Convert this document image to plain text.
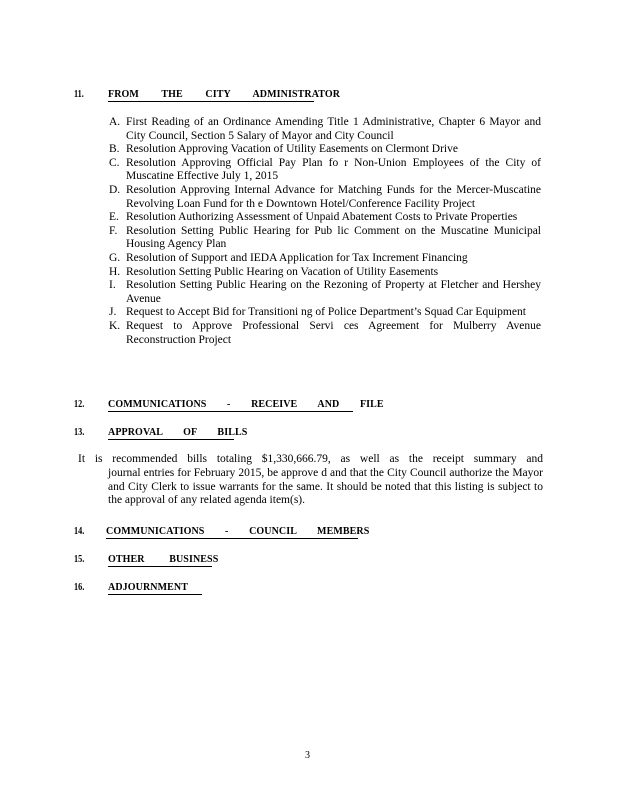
11. FROM THE CITY ADMINISTRATOR
A. First Reading of an Ordinance Amending Title 1 Administrative, Chapter 6 Mayor and City Council, Section 5 Salary of Mayor and City Council
B. Resolution Approving Vacation of Utility Easements on Clermont Drive
C. Resolution Approving Official Pay Plan fo r Non-Union Employees of the City of Muscatine Effective July 1, 2015
D. Resolution Approving Internal Advance for Matching Funds for the Mercer-Muscatine Revolving Loan Fund for th e Downtown Hotel/Conference Facility Project
E. Resolution Authorizing Assessment of Unpaid Abatement Costs to Private Properties
F. Resolution Setting Public Hearing for Pub lic Comment on the Muscatine Municipal Housing Agency Plan
G. Resolution of Support and IEDA Application for Tax Increment Financing
H. Resolution Setting Public Hearing on Vacation of Utility Easements
I. Resolution Setting Public Hearing on the Rezoning of Property at Fletcher and Hershey Avenue
J. Request to Accept Bid for Transitioni ng of Police Department’s Squad Car Equipment
K. Request to Approve Professional Servi ces Agreement for Mulberry Avenue Reconstruction Project
12. COMMUNICATIONS - RECEIVE AND FILE
13. APPROVAL OF BILLS
It is recommended bills totaling $1,330,666.79, as well as the receipt summary and
journal entries for February 2015, be approve d and that the City Council authorize the Mayor and City Clerk to issue warrants for the same. It should be noted that this listing is subject to the approval of any related agenda item(s).
14. COMMUNICATIONS - COUNCIL MEMBERS
15. OTHER BUSINESS
16. ADJOURNMENT
3
